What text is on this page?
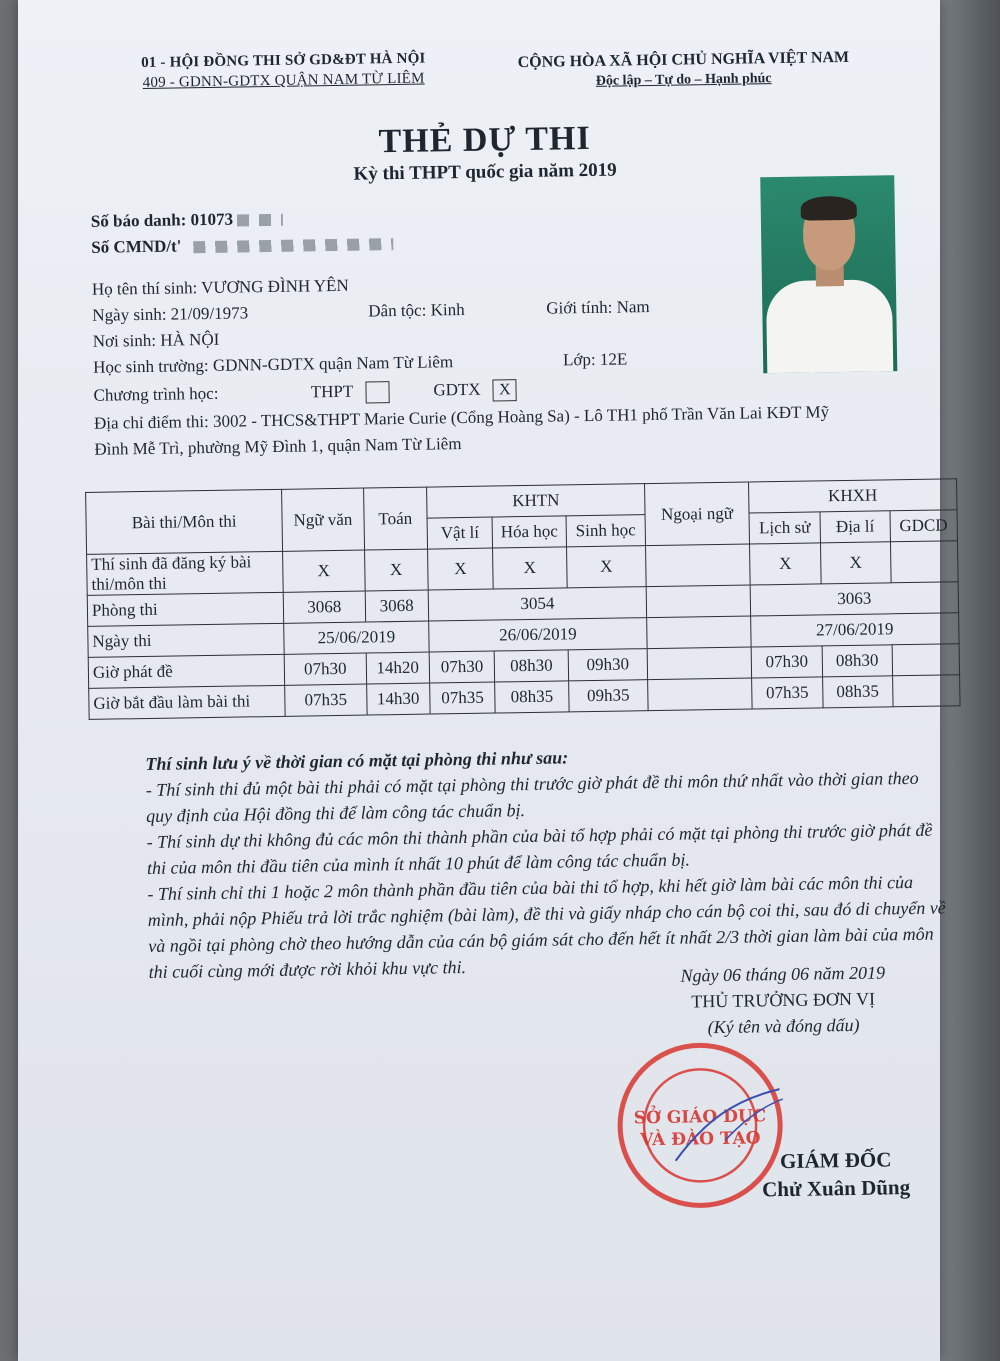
01 - HỘI ĐỒNG THI SỞ GD&ĐT HÀ NỘI
409 - GDNN-GDTX QUẬN NAM TỪ LIÊM
CỘNG HÒA XÃ HỘI CHỦ NGHĨA VIỆT NAM
Độc lập – Tự do – Hạnh phúc
THẺ DỰ THI
Kỳ thi THPT quốc gia năm 2019
Số báo danh: 01073
Số CMND/t'
Họ tên thí sinh: VƯƠNG ĐÌNH YÊN
Ngày sinh: 21/09/1973	Dân tộc: Kinh	Giới tính: Nam
Nơi sinh: HÀ NỘI
Học sinh trường: GDNN-GDTX quận Nam Từ Liêm	Lớp: 12E
Chương trình học:	THPT	GDTX X
Địa chỉ điểm thi: 3002 - THCS&THPT Marie Curie (Cổng Hoàng Sa) - Lô TH1 phố Trần Văn Lai KĐT Mỹ
Đình Mễ Trì, phường Mỹ Đình 1, quận Nam Từ Liêm
Bài thi/Môn thi	Ngữ văn	Toán	KHTN			Ngoại ngữ	KHXH		
			Vật lí	Hóa học	Sinh học		Lịch sử	Địa lí	GDCD
Thí sinh đã đăng ký bài thi/môn thi	X	X	X	X	X		X	X	
Phòng thi	3068	3068	3054				3063		
Ngày thi	25/06/2019		26/06/2019				27/06/2019		
Giờ phát đề	07h30	14h20	07h30	08h30	09h30		07h30	08h30	
Giờ bắt đầu làm bài thi	07h35	14h30	07h35	08h35	09h35		07h35	08h35	

Thí sinh lưu ý về thời gian có mặt tại phòng thi như sau:

- Thí sinh thi đủ một bài thi phải có mặt tại phòng thi trước giờ phát đề thi môn thứ nhất vào thời gian theo quy định của Hội đồng thi để làm công tác chuẩn bị.

- Thí sinh dự thi không đủ các môn thi thành phần của bài tổ hợp phải có mặt tại phòng thi trước giờ phát đề thi của môn thi đầu tiên của mình ít nhất 10 phút để làm công tác chuẩn bị.

- Thí sinh chỉ thi 1 hoặc 2 môn thành phần đầu tiên của bài thi tổ hợp, khi hết giờ làm bài các môn thi của mình, phải nộp Phiếu trả lời trắc nghiệm (bài làm), đề thi và giấy nháp cho cán bộ coi thi, sau đó di chuyển về và ngồi tại phòng chờ theo hướng dẫn của cán bộ giám sát cho đến hết ít nhất 2/3 thời gian làm bài của môn thi cuối cùng mới được rời khỏi khu vực thi.	Ngày 06 tháng 06 năm 2019
THỦ TRƯỞNG ĐƠN VỊ
(Ký tên và đóng dấu)
SỞ GIÁO DỤC
VÀ ĐÀO TẠO
GIÁM ĐỐC
Chử Xuân Dũng
